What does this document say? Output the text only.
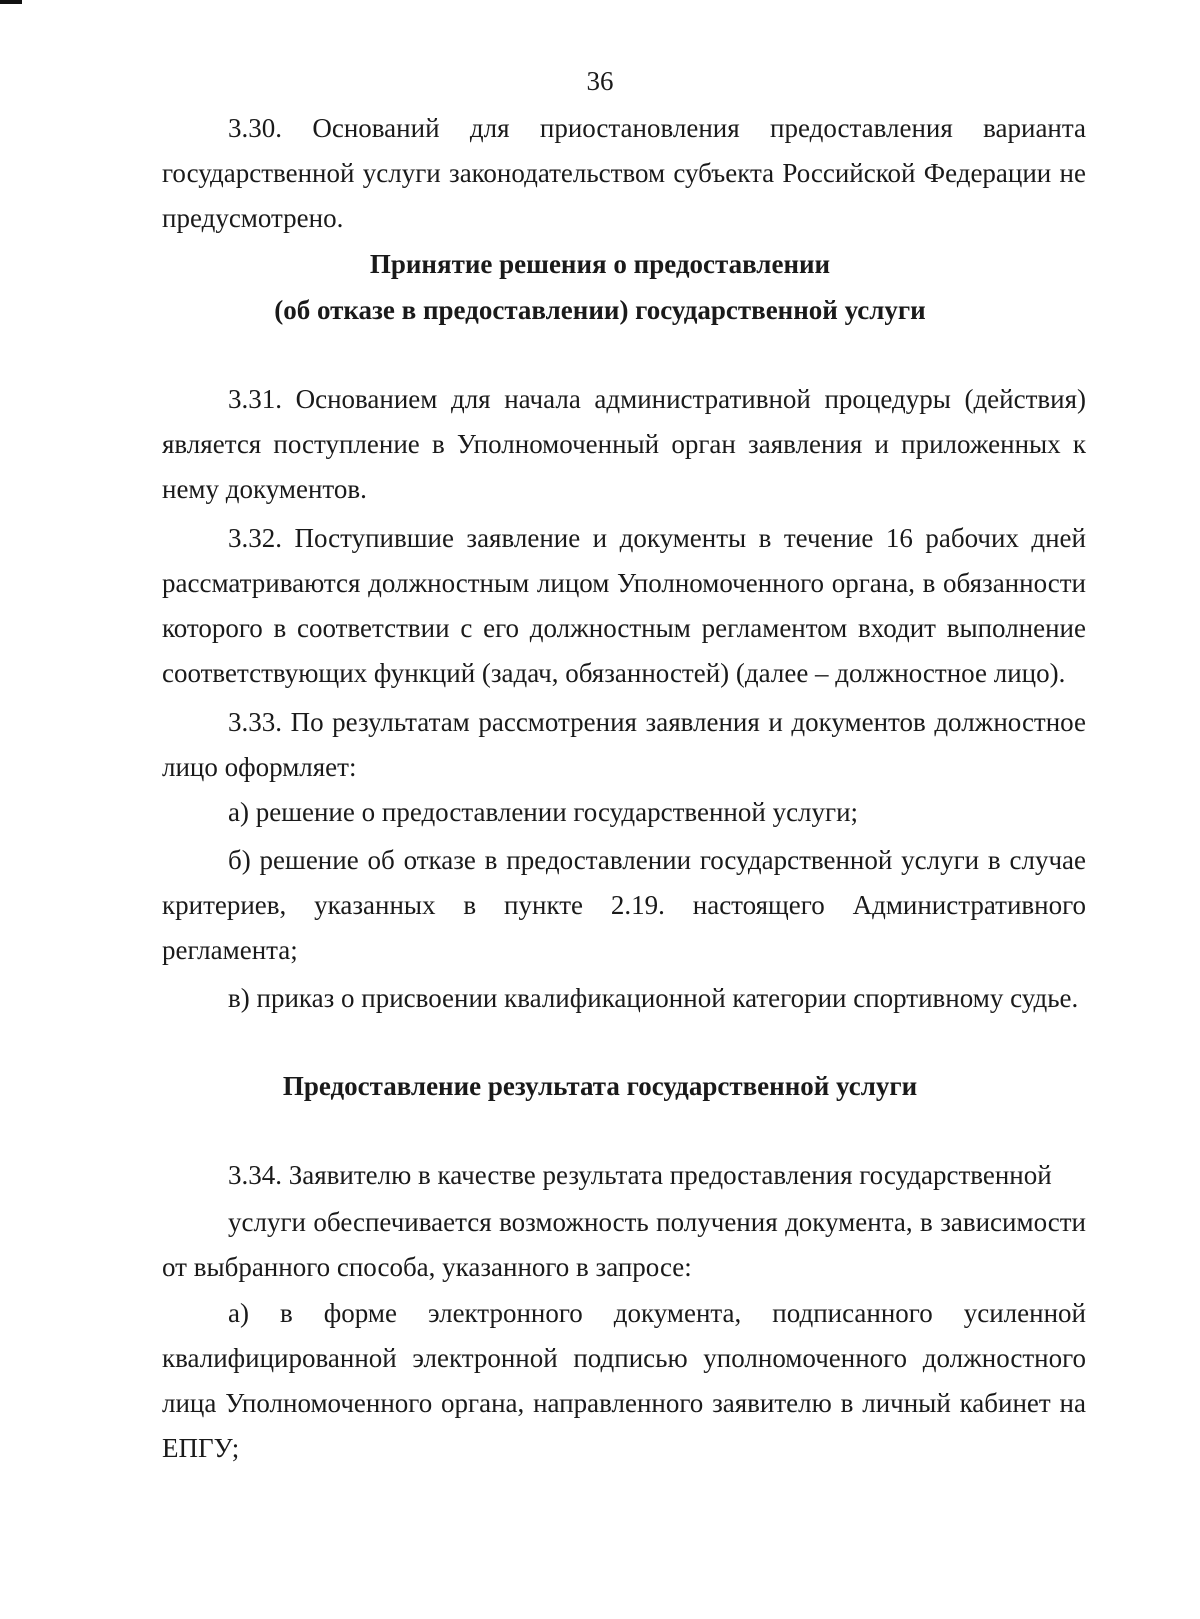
36

3.30. Оснований для приостановления предоставления варианта государственной услуги законодательством субъекта Российской Федерации не предусмотрено.

Принятие решения о предоставлении

(об отказе в предоставлении) государственной услуги

3.31. Основанием для начала административной процедуры (действия) является поступление в Уполномоченный орган заявления и приложенных к нему документов.

3.32. Поступившие заявление и документы в течение 16 рабочих дней рассматриваются должностным лицом Уполномоченного органа, в обязанности которого в соответствии с его должностным регламентом входит выполнение соответствующих функций (задач, обязанностей) (далее – должностное лицо).

3.33. По результатам рассмотрения заявления и документов должностное лицо оформляет:

а) решение о предоставлении государственной услуги;

б) решение об отказе в предоставлении государственной услуги в случае критериев, указанных в пункте 2.19. настоящего Административного регламента;

в) приказ о присвоении квалификационной категории спортивному судье.

Предоставление результата государственной услуги

3.34. Заявителю в качестве результата предоставления государственной

услуги обеспечивается возможность получения документа, в зависимости от выбранного способа, указанного в запросе:

а) в форме электронного документа, подписанного усиленной квалифицированной электронной подписью уполномоченного должностного лица Уполномоченного органа, направленного заявителю в личный кабинет на ЕПГУ;
